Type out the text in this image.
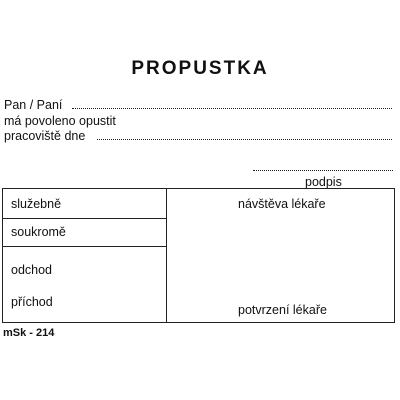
PROPUSTKA
Pan / Paní
má povoleno opustit
pracoviště dne
podpis
služebně
soukromě
odchod
příchod
návštěva lékaře
potvrzení lékaře
mSk - 214
